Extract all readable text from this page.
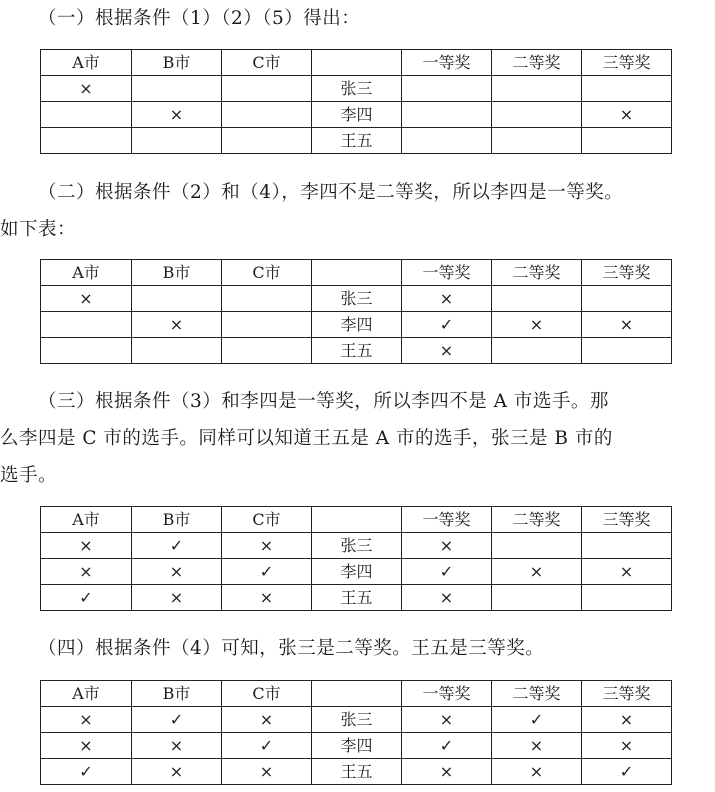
（一）根据条件（1）（2）（5）得出：
A市	B市	C市		一等奖	二等奖	三等奖
×			张三			
	×		李四			×
			王五			
（二）根据条件（2）和（4），李四不是二等奖，所以李四是一等奖。
如下表：
A市	B市	C市		一等奖	二等奖	三等奖
×			张三	×		
	×		李四	✓	×	×
			王五	×		
（三）根据条件（3）和李四是一等奖，所以李四不是 A 市选手。那
么李四是 C 市的选手。同样可以知道王五是 A 市的选手，张三是 B 市的
选手。
A市	B市	C市		一等奖	二等奖	三等奖
×	✓	×	张三	×		
×	×	✓	李四	✓	×	×
✓	×	×	王五	×		
（四）根据条件（4）可知，张三是二等奖。王五是三等奖。
A市	B市	C市		一等奖	二等奖	三等奖
×	✓	×	张三	×	✓	×
×	×	✓	李四	✓	×	×
✓	×	×	王五	×	×	✓
